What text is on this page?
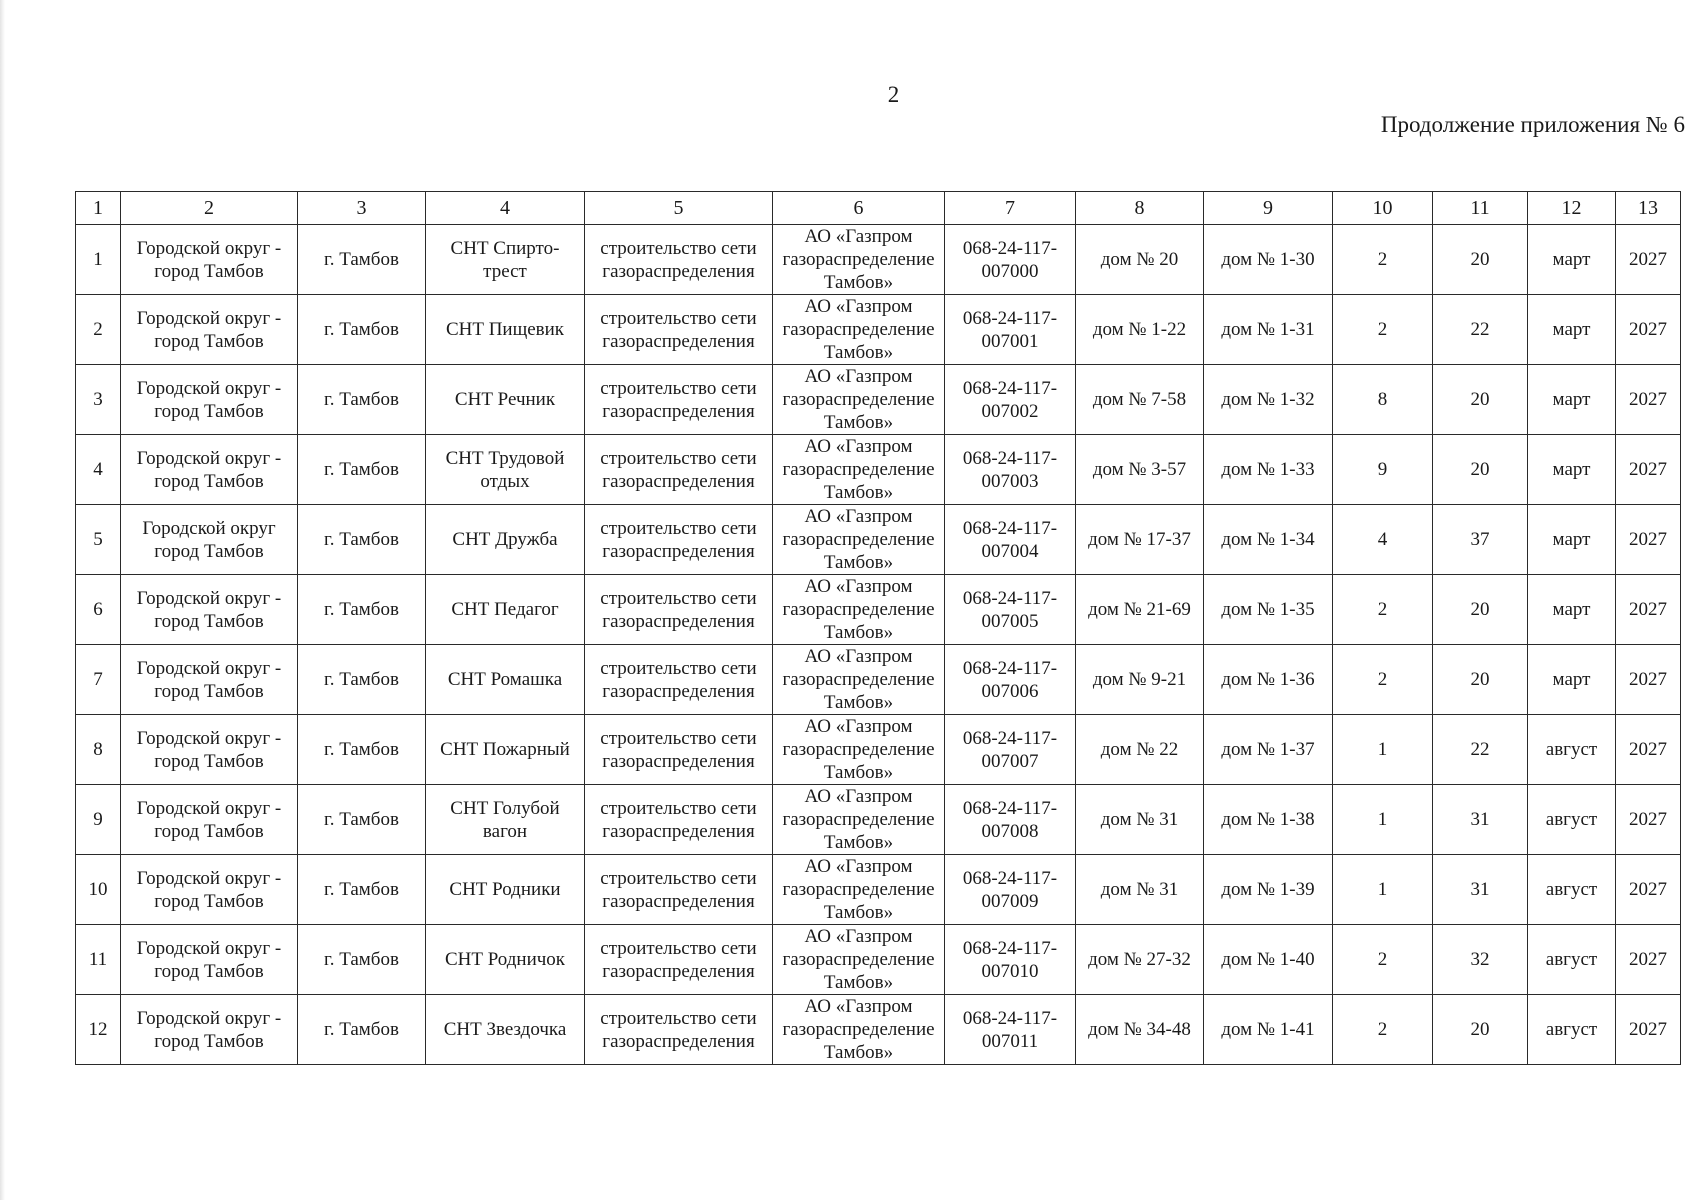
2
Продолжение приложения № 6
1	2	3	4	5	6	7	8	9	10	11	12	13
1	Городской округ - город Тамбов	г. Тамбов	СНТ Спирто-трест	строительство сети газораспределения	АО «Газпром газораспределение Тамбов»	068-24-117-007000	дом № 20	дом № 1-30	2	20	март	2027
2	Городской округ - город Тамбов	г. Тамбов	СНТ Пищевик	строительство сети газораспределения	АО «Газпром газораспределение Тамбов»	068-24-117-007001	дом № 1-22	дом № 1-31	2	22	март	2027
3	Городской округ - город Тамбов	г. Тамбов	СНТ Речник	строительство сети газораспределения	АО «Газпром газораспределение Тамбов»	068-24-117-007002	дом № 7-58	дом № 1-32	8	20	март	2027
4	Городской округ - город Тамбов	г. Тамбов	СНТ Трудовой отдых	строительство сети газораспределения	АО «Газпром газораспределение Тамбов»	068-24-117-007003	дом № 3-57	дом № 1-33	9	20	март	2027
5	Городской округ город Тамбов	г. Тамбов	СНТ Дружба	строительство сети газораспределения	АО «Газпром газораспределение Тамбов»	068-24-117-007004	дом № 17-37	дом № 1-34	4	37	март	2027
6	Городской округ - город Тамбов	г. Тамбов	СНТ Педагог	строительство сети газораспределения	АО «Газпром газораспределение Тамбов»	068-24-117-007005	дом № 21-69	дом № 1-35	2	20	март	2027
7	Городской округ - город Тамбов	г. Тамбов	СНТ Ромашка	строительство сети газораспределения	АО «Газпром газораспределение Тамбов»	068-24-117-007006	дом № 9-21	дом № 1-36	2	20	март	2027
8	Городской округ - город Тамбов	г. Тамбов	СНТ Пожарный	строительство сети газораспределения	АО «Газпром газораспределение Тамбов»	068-24-117-007007	дом № 22	дом № 1-37	1	22	август	2027
9	Городской округ - город Тамбов	г. Тамбов	СНТ Голубой вагон	строительство сети газораспределения	АО «Газпром газораспределение Тамбов»	068-24-117-007008	дом № 31	дом № 1-38	1	31	август	2027
10	Городской округ - город Тамбов	г. Тамбов	СНТ Родники	строительство сети газораспределения	АО «Газпром газораспределение Тамбов»	068-24-117-007009	дом № 31	дом № 1-39	1	31	август	2027
11	Городской округ - город Тамбов	г. Тамбов	СНТ Родничок	строительство сети газораспределения	АО «Газпром газораспределение Тамбов»	068-24-117-007010	дом № 27-32	дом № 1-40	2	32	август	2027
12	Городской округ - город Тамбов	г. Тамбов	СНТ Звездочка	строительство сети газораспределения	АО «Газпром газораспределение Тамбов»	068-24-117-007011	дом № 34-48	дом № 1-41	2	20	август	2027
